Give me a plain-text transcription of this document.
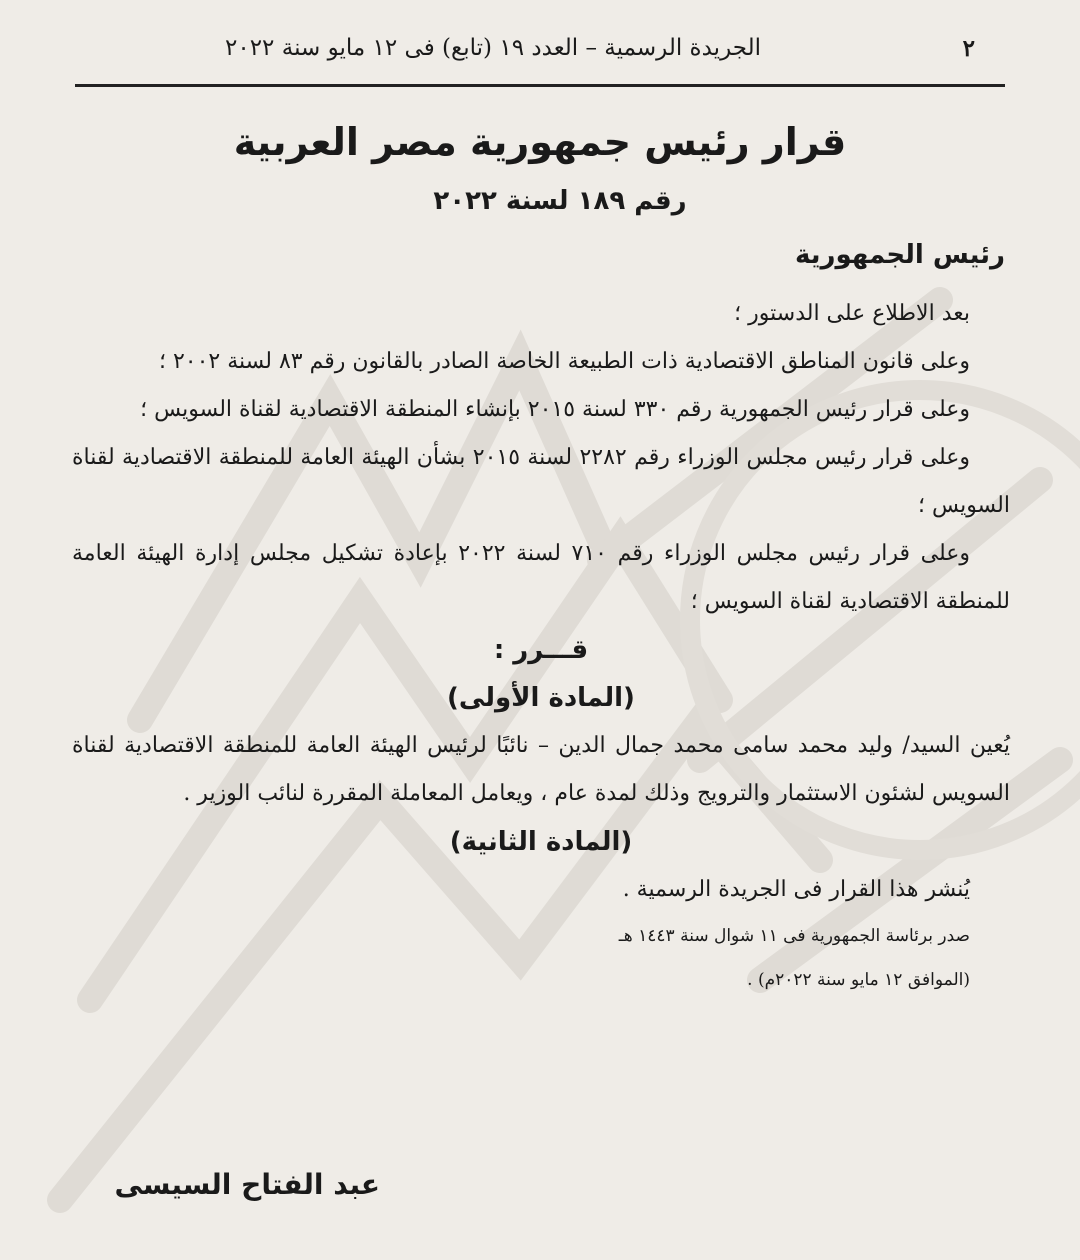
٢
الجريدة الرسمية – العدد ١٩ (تابع) فى ١٢ مايو سنة ٢٠٢٢
قرار رئيس جمهورية مصر العربية
رقم ١٨٩ لسنة ٢٠٢٢
رئيس الجمهورية

بعد الاطلاع على الدستور ؛

وعلى قانون المناطق الاقتصادية ذات الطبيعة الخاصة الصادر بالقانون رقم ٨٣ لسنة ٢٠٠٢ ؛

وعلى قرار رئيس الجمهورية رقم ٣٣٠ لسنة ٢٠١٥ بإنشاء المنطقة الاقتصادية لقناة السويس ؛

وعلى قرار رئيس مجلس الوزراء رقم ٢٢٨٢ لسنة ٢٠١٥ بشأن الهيئة العامة للمنطقة الاقتصادية لقناة السويس ؛

وعلى قرار رئيس مجلس الوزراء رقم ٧١٠ لسنة ٢٠٢٢ بإعادة تشكيل مجلس إدارة الهيئة العامة للمنطقة الاقتصادية لقناة السويس ؛

قـــرر :

(المادة الأولى)

يُعين السيد/ وليد محمد سامى محمد جمال الدين – نائبًا لرئيس الهيئة العامة للمنطقة الاقتصادية لقناة السويس لشئون الاستثمار والترويج وذلك لمدة عام ، ويعامل المعاملة المقررة لنائب الوزير .

(المادة الثانية)

يُنشر هذا القرار فى الجريدة الرسمية .

صدر برئاسة الجمهورية فى ١١ شوال سنة ١٤٤٣ هـ

(الموافق ١٢ مايو سنة ٢٠٢٢م) .

عبد الفتاح السيسى
